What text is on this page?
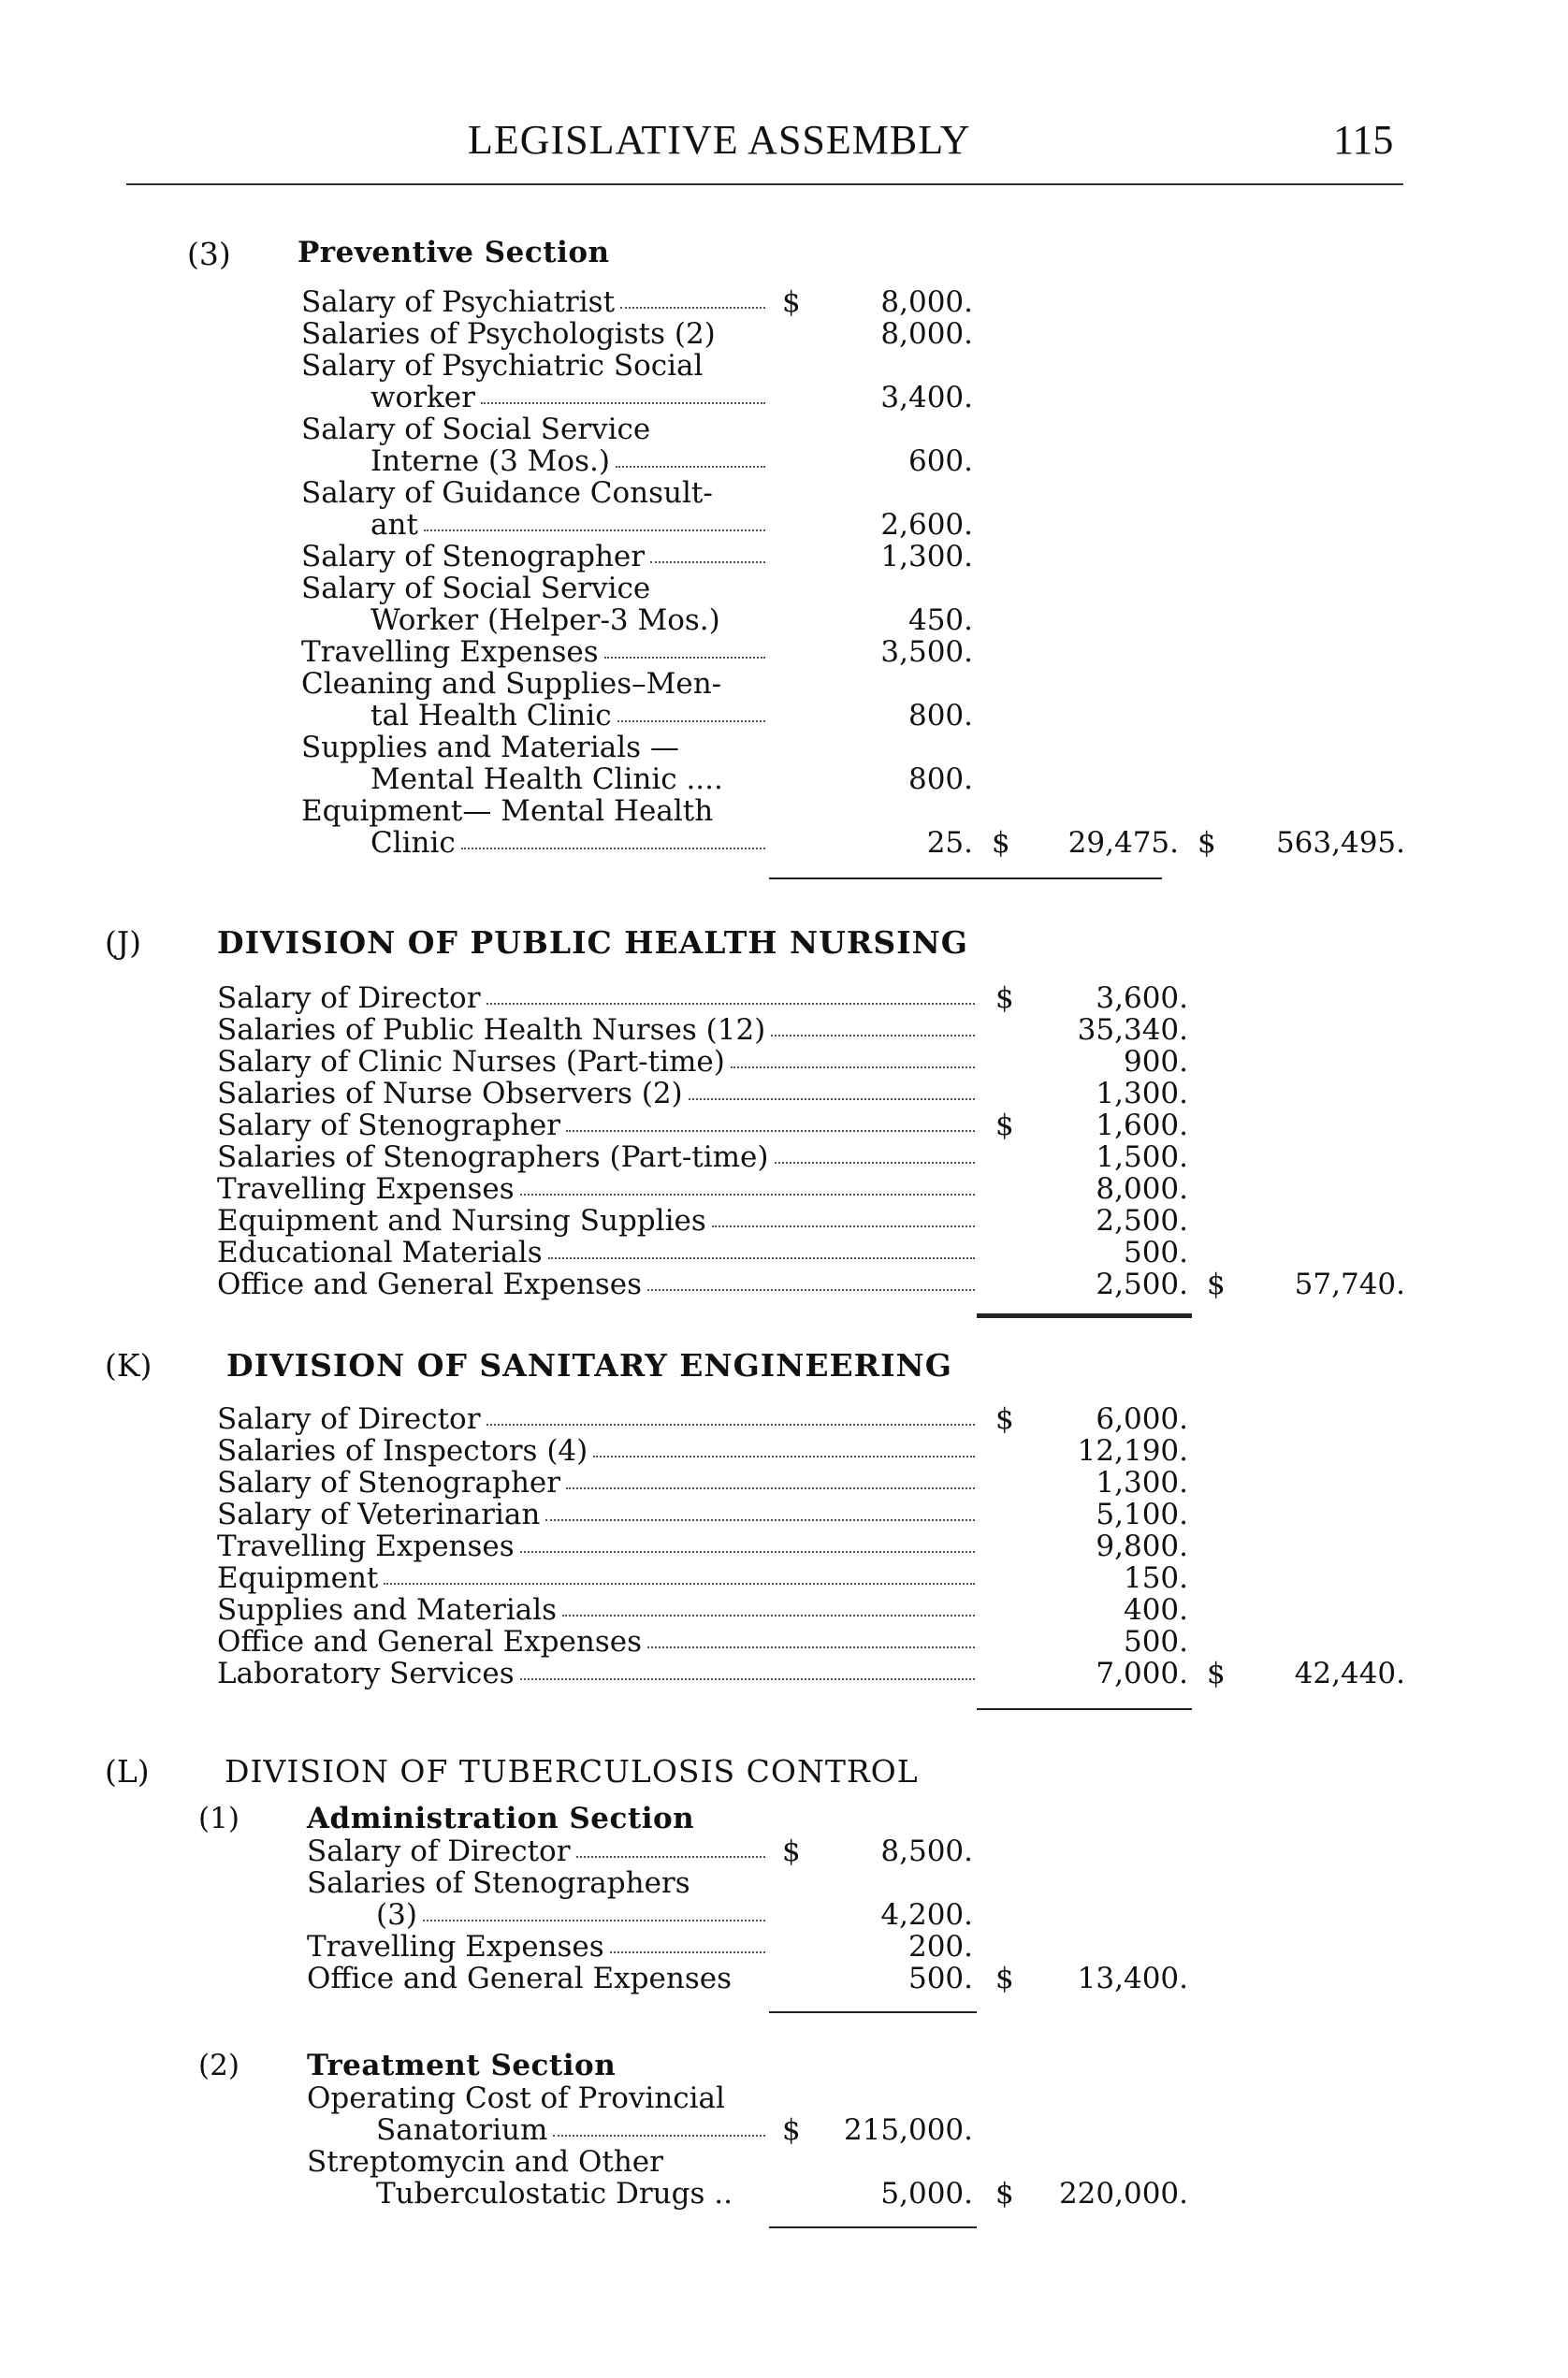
LEGISLATIVE ASSEMBLY	115
(3) Preventive Section
Salary of Psychiatrist	$	8,000.
Salaries of Psychologists (2)	8,000.
Salary of Psychiatric Social
worker	3,400.
Salary of Social Service
Interne (3 Mos.)	600.
Salary of Guidance Consult-
ant	2,600.
Salary of Stenographer	1,300.
Salary of Social Service
Worker (Helper-3 Mos.)	450.
Travelling Expenses	3,500.
Cleaning and Supplies–Men-
tal Health Clinic	800.
Supplies and Materials —
Mental Health Clinic ....	800.
Equipment— Mental Health
Clinic	25. $	29,475. $	563,495.
(J) DIVISION OF PUBLIC HEALTH NURSING
Salary of Director	$	3,600.
Salaries of Public Health Nurses (12)	35,340.
Salary of Clinic Nurses (Part-time)	900.
Salaries of Nurse Observers (2)	1,300.
Salary of Stenographer	$	1,600.
Salaries of Stenographers (Part-time)	1,500.
Travelling Expenses	8,000.
Equipment and Nursing Supplies	2,500.
Educational Materials	500.
Office and General Expenses	2,500. $	57,740.
(K) DIVISION OF SANITARY ENGINEERING
Salary of Director	$	6,000.
Salaries of Inspectors (4)	12,190.
Salary of Stenographer	1,300.
Salary of Veterinarian	5,100.
Travelling Expenses	9,800.
Equipment	150.
Supplies and Materials	400.
Office and General Expenses	500.
Laboratory Services	7,000. $	42,440.
(L) DIVISION OF TUBERCULOSIS CONTROL
(1) Administration Section
Salary of Director	$	8,500.
Salaries of Stenographers
(3)	4,200.
Travelling Expenses	200.
Office and General Expenses	500. $	13,400.
(2) Treatment Section
Operating Cost of Provincial
Sanatorium	$	215,000.
Streptomycin and Other
Tuberculostatic Drugs ..	5,000. $	220,000.
